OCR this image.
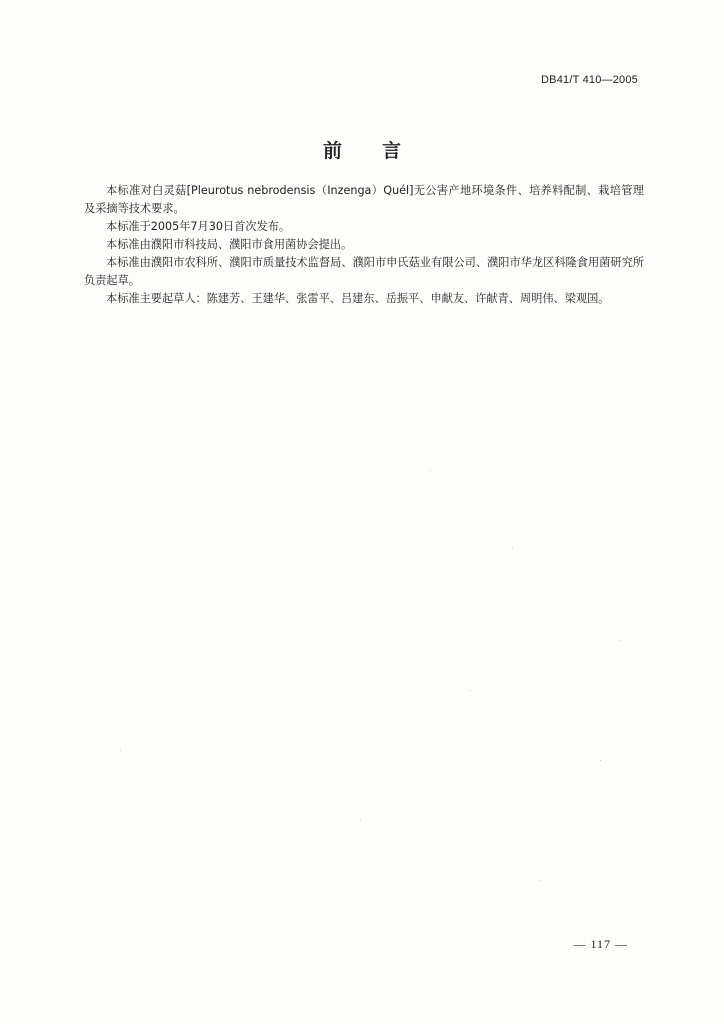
DB41/T 410—2005
前 言

本标准对白灵菇[Pleurotus nebrodensis（Inzenga）Quél]无公害产地环境条件、培养料配制、栽培管理及采摘等技术要求。

本标准于2005年7月30日首次发布。

本标准由濮阳市科技局、濮阳市食用菌协会提出。

本标准由濮阳市农科所、濮阳市质量技术监督局、濮阳市申氏菇业有限公司、濮阳市华龙区科隆食用菌研究所负责起草。

本标准主要起草人：陈建芳、王建华、张雷平、吕建东、岳振平、申献友、许献青、周明伟、梁观国。

— 117 —
